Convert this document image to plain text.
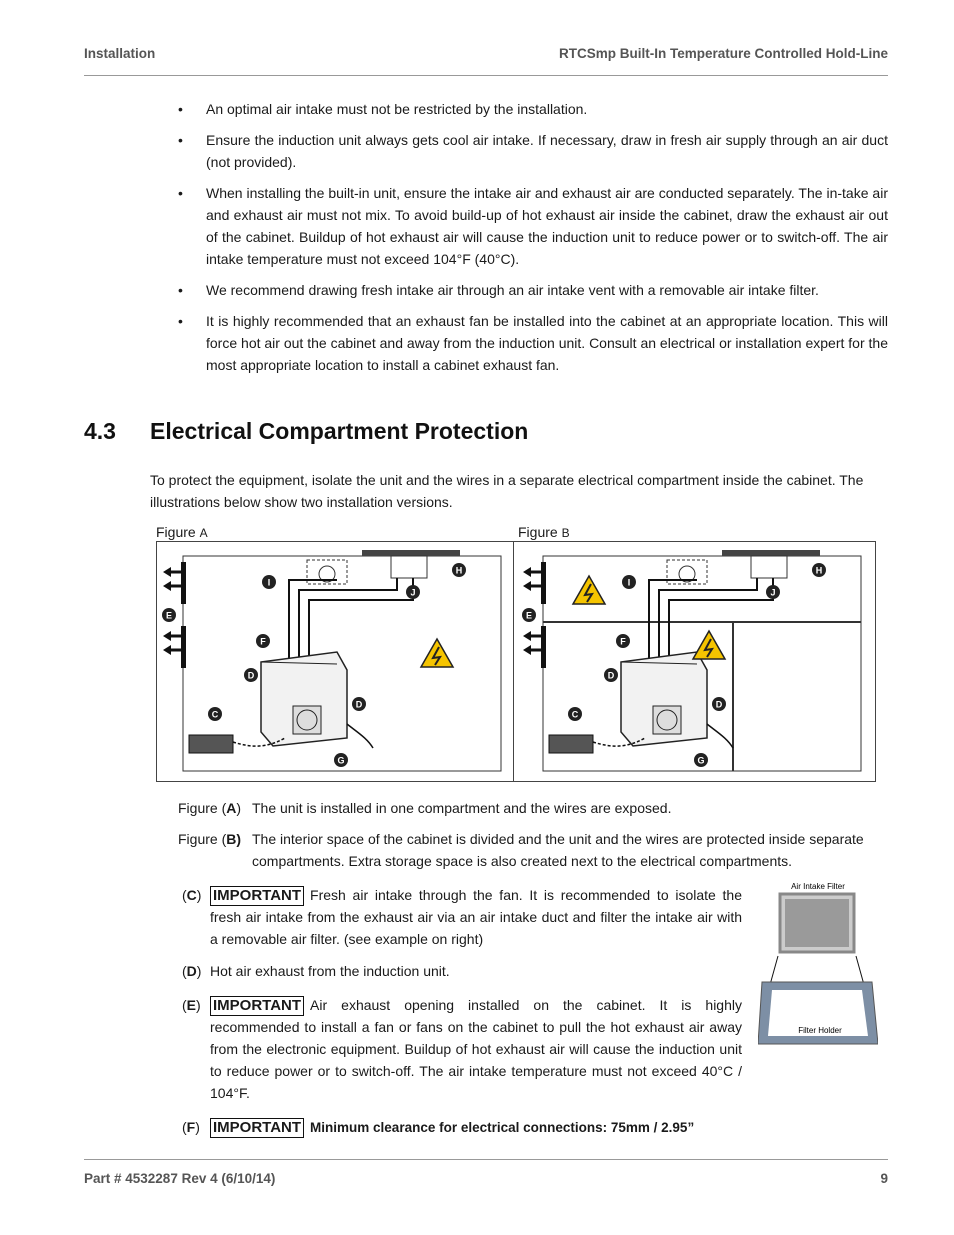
Installation	RTCSmp Built-In Temperature Controlled Hold-Line
• An optimal air intake must not be restricted by the installation.
• Ensure the induction unit always gets cool air intake. If necessary, draw in fresh air supply through an air duct (not provided).
• When installing the built-in unit, ensure the intake air and exhaust air are conducted separately. The in-take air and exhaust air must not mix. To avoid build-up of hot exhaust air inside the cabinet, draw the exhaust air out of the cabinet. Buildup of hot exhaust air will cause the induction unit to reduce power or to switch-off. The air intake temperature must not exceed 104°F (40°C).
• We recommend drawing fresh intake air through an air intake vent with a removable air intake filter.
• It is highly recommended that an exhaust fan be installed into the cabinet at an appropriate location. This will force hot air out the cabinet and away from the induction unit. Consult an electrical or installation expert for the most appropriate location to install a cabinet exhaust fan.
4.3 Electrical Compartment Protection
To protect the equipment, isolate the unit and the wires in a separate electrical compartment inside the cabinet. The illustrations below show two installation versions.
Figure A	Figure B
H
I
J
E
F
D
D
C
G
H
I
J
E
F
D
D
C
G
Figure (A) The unit is installed in one compartment and the wires are exposed.
Figure (B) The interior space of the cabinet is divided and the unit and the wires are protected inside separate compartments. Extra storage space is also created next to the electrical compartments.
(C) IMPORTANT Fresh air intake through the fan. It is recommended to isolate the fresh air intake from the exhaust air via an air intake duct and filter the intake air with a removable air filter. (see example on right)
(D) Hot air exhaust from the induction unit.
(E) IMPORTANT Air exhaust opening installed on the cabinet. It is highly recommended to install a fan or fans on the cabinet to pull the hot exhaust air away from the electronic equipment. Buildup of hot exhaust air will cause the induction unit to reduce power or to switch-off. The air intake temperature must not exceed 40°C / 104°F.
(F) IMPORTANT Minimum clearance for electrical connections: 75mm / 2.95”
Air Intake Filter
Filter Holder
Part # 4532287 Rev 4 (6/10/14)	9
